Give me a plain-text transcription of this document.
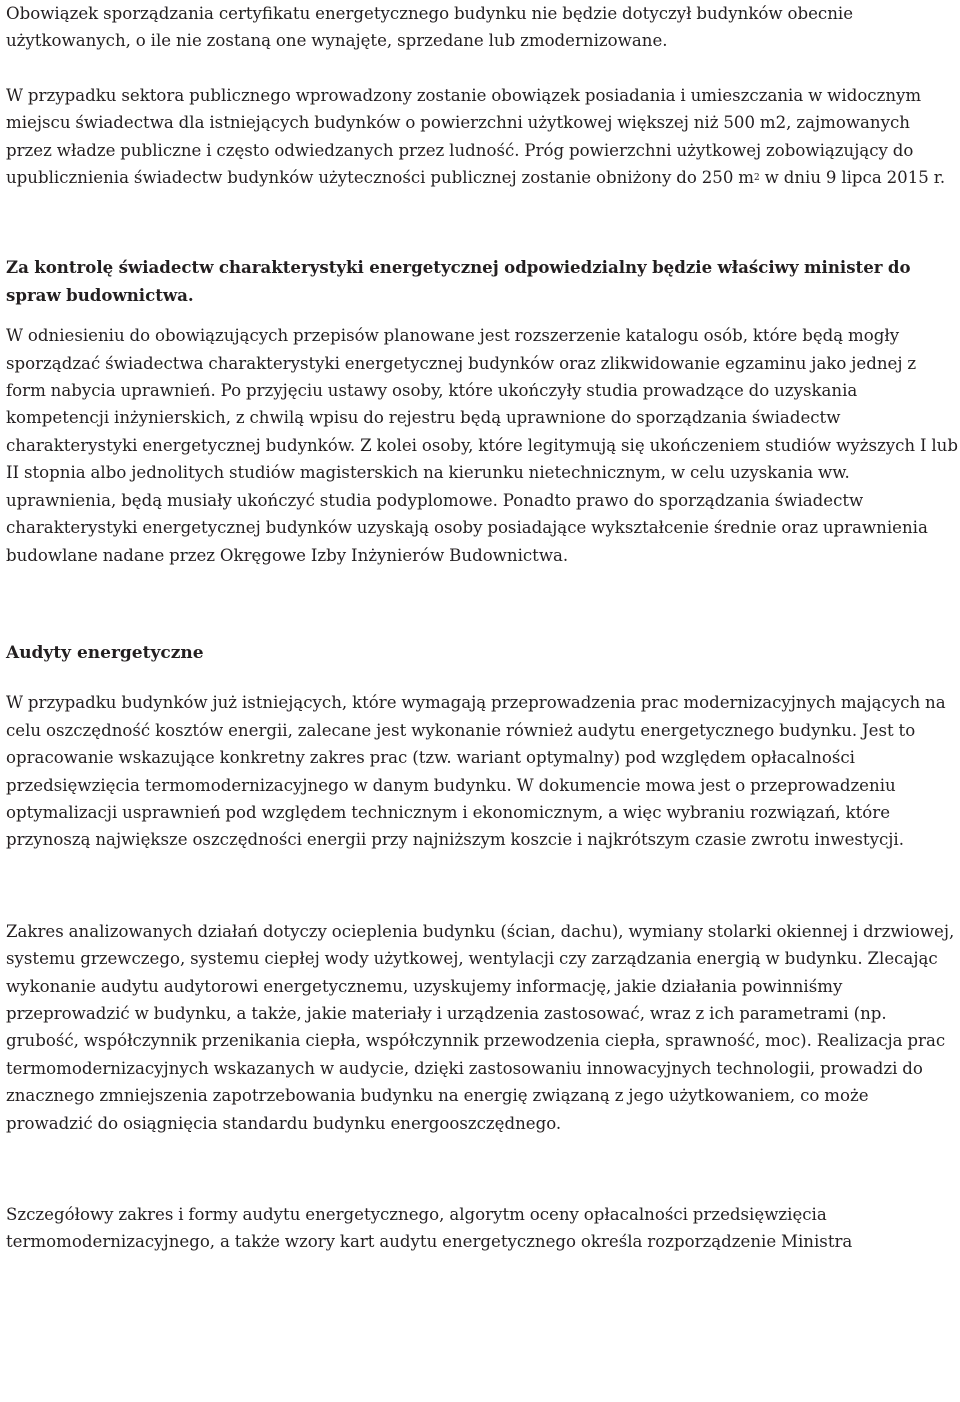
Obowiązek sporządzania certyfikatu energetycznego budynku nie będzie dotyczył budynków obecnie użytkowanych, o ile nie zostaną one wynajęte, sprzedane lub zmodernizowane.

W przypadku sektora publicznego wprowadzony zostanie obowiązek posiadania i umieszczania w widocznym miejscu świadectwa dla istniejących budynków o powierzchni użytkowej większej niż 500 m2, zajmowanych przez władze publiczne i często odwiedzanych przez ludność. Próg powierzchni użytkowej zobowiązujący do upublicznienia świadectw budynków użyteczności publicznej zostanie obniżony do 250 $m^2$ w dniu 9 lipca 2015 r.

Za kontrolę świadectw charakterystyki energetycznej odpowiedzialny będzie właściwy minister do spraw budownictwa.

W odniesieniu do obowiązujących przepisów planowane jest rozszerzenie katalogu osób, które będą mogły sporządzać świadectwa charakterystyki energetycznej budynków oraz zlikwidowanie egzaminu jako jednej z form nabycia uprawnień. Po przyjęciu ustawy osoby, które ukończyły studia prowadzące do uzyskania kompetencji inżynierskich, z chwilą wpisu do rejestru będą uprawnione do sporządzania świadectw charakterystyki energetycznej budynków. Z kolei osoby, które legitymują się ukończeniem studiów wyższych I lub II stopnia albo jednolitych studiów magisterskich na kierunku nietechnicznym, w celu uzyskania ww. uprawnienia, będą musiały ukończyć studia podyplomowe. Ponadto prawo do sporządzania świadectw charakterystyki energetycznej budynków uzyskają osoby posiadające wykształcenie średnie oraz uprawnienia budowlane nadane przez Okręgowe Izby Inżynierów Budownictwa.

Audyty energetyczne

W przypadku budynków już istniejących, które wymagają przeprowadzenia prac modernizacyjnych mających na celu oszczędność kosztów energii, zalecane jest wykonanie również audytu energetycznego budynku. Jest to opracowanie wskazujące konkretny zakres prac (tzw. wariant optymalny) pod względem opłacalności przedsięwzięcia termomodernizacyjnego w danym budynku. W dokumencie mowa jest o przeprowadzeniu optymalizacji usprawnień pod względem technicznym i ekonomicznym, a więc wybraniu rozwiązań, które przynoszą największe oszczędności energii przy najniższym koszcie i najkrótszym czasie zwrotu inwestycji.

Zakres analizowanych działań dotyczy ocieplenia budynku (ścian, dachu), wymiany stolarki okiennej i drzwiowej, systemu grzewczego, systemu ciepłej wody użytkowej, wentylacji czy zarządzania energią w budynku. Zlecając wykonanie audytu audytorowi energetycznemu, uzyskujemy informację, jakie działania powinniśmy przeprowadzić w budynku, a także, jakie materiały i urządzenia zastosować, wraz z ich parametrami (np. grubość, współczynnik przenikania ciepła, współczynnik przewodzenia ciepła, sprawność, moc). Realizacja prac termomodernizacyjnych wskazanych w audycie, dzięki zastosowaniu innowacyjnych technologii, prowadzi do znacznego zmniejszenia zapotrzebowania budynku na energię związaną z jego użytkowaniem, co może prowadzić do osiągnięcia standardu budynku energooszczędnego.

Szczegółowy zakres i formy audytu energetycznego, algorytm oceny opłacalności przedsięwzięcia termomodernizacyjnego, a także wzory kart audytu energetycznego określa rozporządzenie Ministra
